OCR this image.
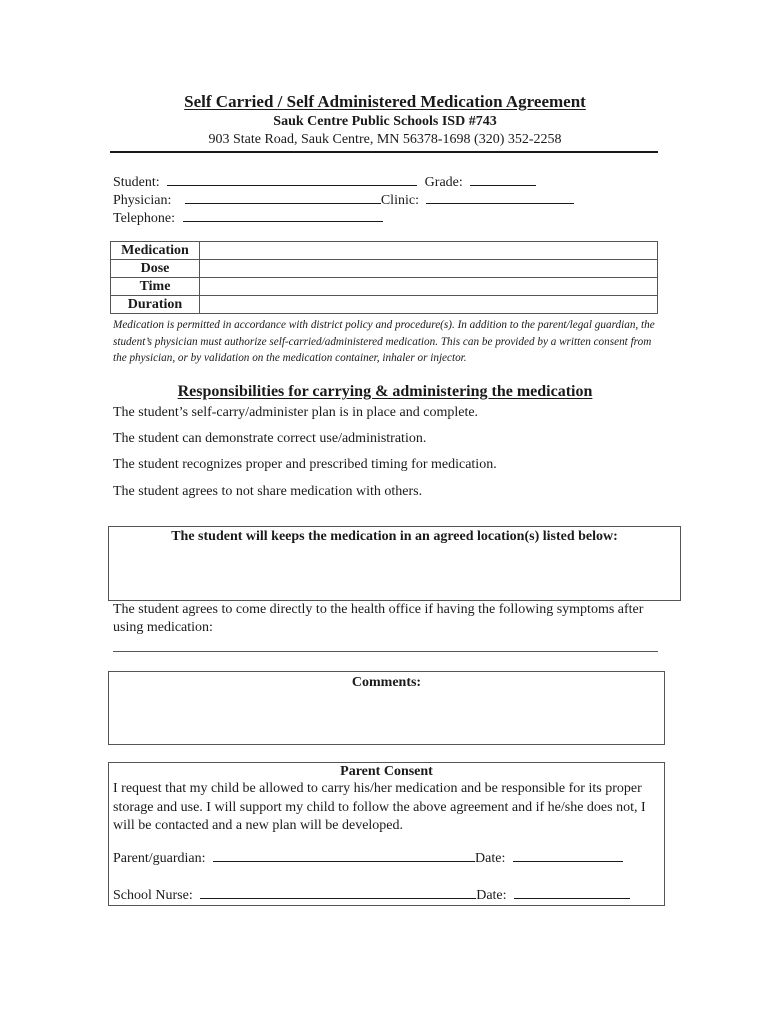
Self Carried / Self Administered Medication Agreement
Sauk Centre Public Schools ISD #743
903 State Road, Sauk Centre, MN 56378-1698 (320) 352-2258
Student:	Grade:
Physician:	Clinic:
Telephone:
Medication	
Dose	
Time	
Duration	
Medication is permitted in accordance with district policy and procedure(s). In addition to the parent/legal guardian, the student’s physician must authorize self-carried/administered medication. This can be provided by a written consent from the physician, or by validation on the medication container, inhaler or injector.
Responsibilities for carrying & administering the medication
The student’s self-carry/administer plan is in place and complete.
The student can demonstrate correct use/administration.
The student recognizes proper and prescribed timing for medication.
The student agrees to not share medication with others.
The student will keeps the medication in an agreed location(s) listed below:
The student agrees to come directly to the health office if having the following symptoms after using medication:
Comments:
Parent Consent
I request that my child be allowed to carry his/her medication and be responsible for its proper storage and use. I will support my child to follow the above agreement and if he/she does not, I will be contacted and a new plan will be developed.
Parent/guardian:	Date:
School Nurse:	Date:
